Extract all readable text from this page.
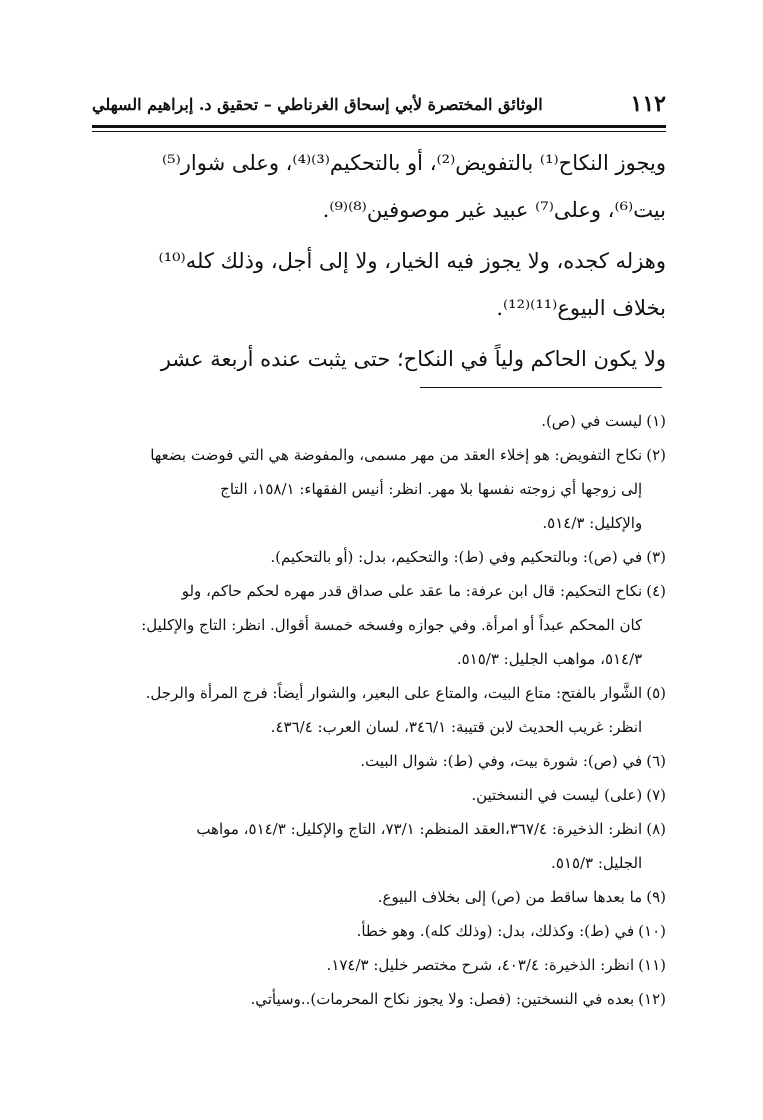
١١٢
الوثائق المختصرة لأبي إسحاق الغرناطي – تحقيق د. إبراهيم السهلي

ويجوز النكاح⁽¹⁾ بالتفويض⁽²⁾، أو بالتحكيم⁽³⁾⁽⁴⁾، وعلى شوار⁽⁵⁾

بيت⁽⁶⁾، وعلى⁽⁷⁾ عبيد غير موصوفين⁽⁸⁾⁽⁹⁾.

وهزله كجده، ولا يجوز فيه الخيار، ولا إلى أجل، وذلك كله⁽¹⁰⁾

بخلاف البيوع⁽¹¹⁾⁽¹²⁾.

ولا يكون الحاكم ولياً في النكاح؛ حتى يثبت عنده أربعة عشر

(١)
ليست في (ص).
(٢)
نكاح التفويض: هو إخلاء العقد من مهر مسمى، والمفوضة هي التي فوضت بضعها
إلى زوجها أي زوجته نفسها بلا مهر. انظر: أنيس الفقهاء: ١٥٨/١، التاج
والإكليل: ٥١٤/٣.
(٣)
في (ص): وبالتحكيم وفي (ط): والتحكيم، بدل: (أو بالتحكيم).
(٤)
نكاح التحكيم: قال ابن عرفة: ما عقد على صداق قدر مهره لحكم حاكم، ولو
كان المحكم عبداً أو امرأة. وفي جوازه وفسخه خمسة أقوال. انظر: التاج والإكليل:
٥١٤/٣، مواهب الجليل: ٥١٥/٣.
(٥)
الشَّوار بالفتح: متاع البيت، والمتاع على البعير، والشوار أيضاً: فرج المرأة والرجل.
انظر: غريب الحديث لابن قتيبة: ٣٤٦/١، لسان العرب: ٤٣٦/٤.
(٦)
في (ص): شورة بيت، وفي (ط): شوال البيت.
(٧)
(على) ليست في النسختين.
(٨)
انظر: الذخيرة: ٣٦٧/٤،العقد المنظم: ٧٣/١، التاج والإكليل: ٥١٤/٣، مواهب
الجليل: ٥١٥/٣.
(٩)
ما بعدها ساقط من (ص) إلى بخلاف البيوع.
(١٠)
في (ط): وكذلك، بدل: (وذلك كله). وهو خطأ.
(١١)
انظر: الذخيرة: ٤٠٣/٤، شرح مختصر خليل: ١٧٤/٣.
(١٢)
بعده في النسختين: (فصل: ولا يجوز نكاح المحرمات)..وسيأتي.
